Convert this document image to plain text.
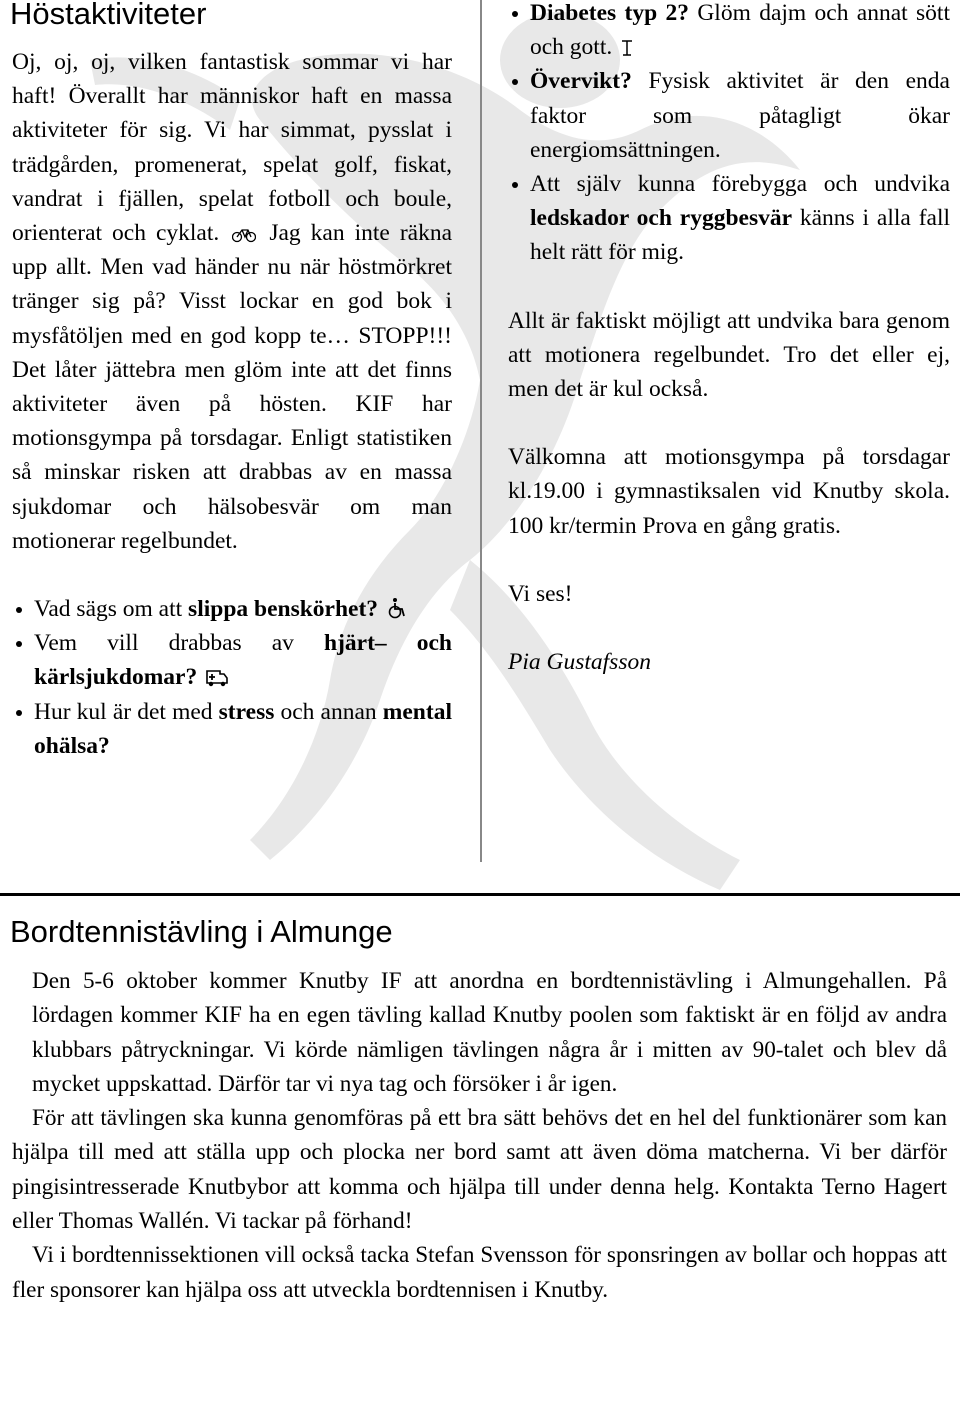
Höstaktiviteter

Oj, oj, oj, vilken fantastisk sommar vi har haft! Överallt har människor haft en massa aktiviteter för sig. Vi har simmat, pysslat i trädgården, promenerat, spelat golf, fiskat, vandrat i fjällen, spelat fotboll och boule, orienterat och cyklat. Jag kan inte räkna upp allt. Men vad händer nu när höstmörkret tränger sig på? Visst lockar en god bok i mysfåtöljen med en god kopp te… STOPP!!! Det låter jättebra men glöm inte att det finns aktiviteter även på hösten. KIF har motionsgympa på torsdagar. Enligt statistiken så minskar risken att drabbas av en massa sjukdomar och hälsobesvär om man motionerar regelbundet.

Vad sägs om att slippa benskörhet?
Vem vill drabbas av hjärt– och kärlsjukdomar?
Hur kul är det med stress och annan mental ohälsa?
Diabetes typ 2? Glöm dajm och annat sött och gott.
Övervikt? Fysisk aktivitet är den enda faktor som påtagligt ökar energiomsättningen.
Att själv kunna förebygga och undvika ledskador och ryggbesvär känns i alla fall helt rätt för mig.

Allt är faktiskt möjligt att undvika bara genom att motionera regelbundet. Tro det eller ej, men det är kul också.

Välkomna att motionsgympa på torsdagar kl.19.00 i gymnastiksalen vid Knutby skola. 100 kr/termin Prova en gång gratis.

Vi ses!

Pia Gustafsson

Bordtennistävling i Almunge

Den 5-6 oktober kommer Knutby IF att anordna en bordtennistävling i Almungehallen. På lördagen kommer KIF ha en egen tävling kallad Knutby poolen som faktiskt är en följd av andra klubbars påtryckningar. Vi körde nämligen tävlingen några år i mitten av 90-talet och blev då mycket uppskattad. Därför tar vi nya tag och försöker i år igen.

För att tävlingen ska kunna genomföras på ett bra sätt behövs det en hel del funktionärer som kan hjälpa till med att ställa upp och plocka ner bord samt att även döma matcherna. Vi ber därför pingisintresserade Knutbybor att komma och hjälpa till under denna helg. Kontakta Terno Hagert eller Thomas Wallén. Vi tackar på förhand!

Vi i bordtennissektionen vill också tacka Stefan Svensson för sponsringen av bollar och hoppas att fler sponsorer kan hjälpa oss att utveckla bordtennisen i Knutby.
